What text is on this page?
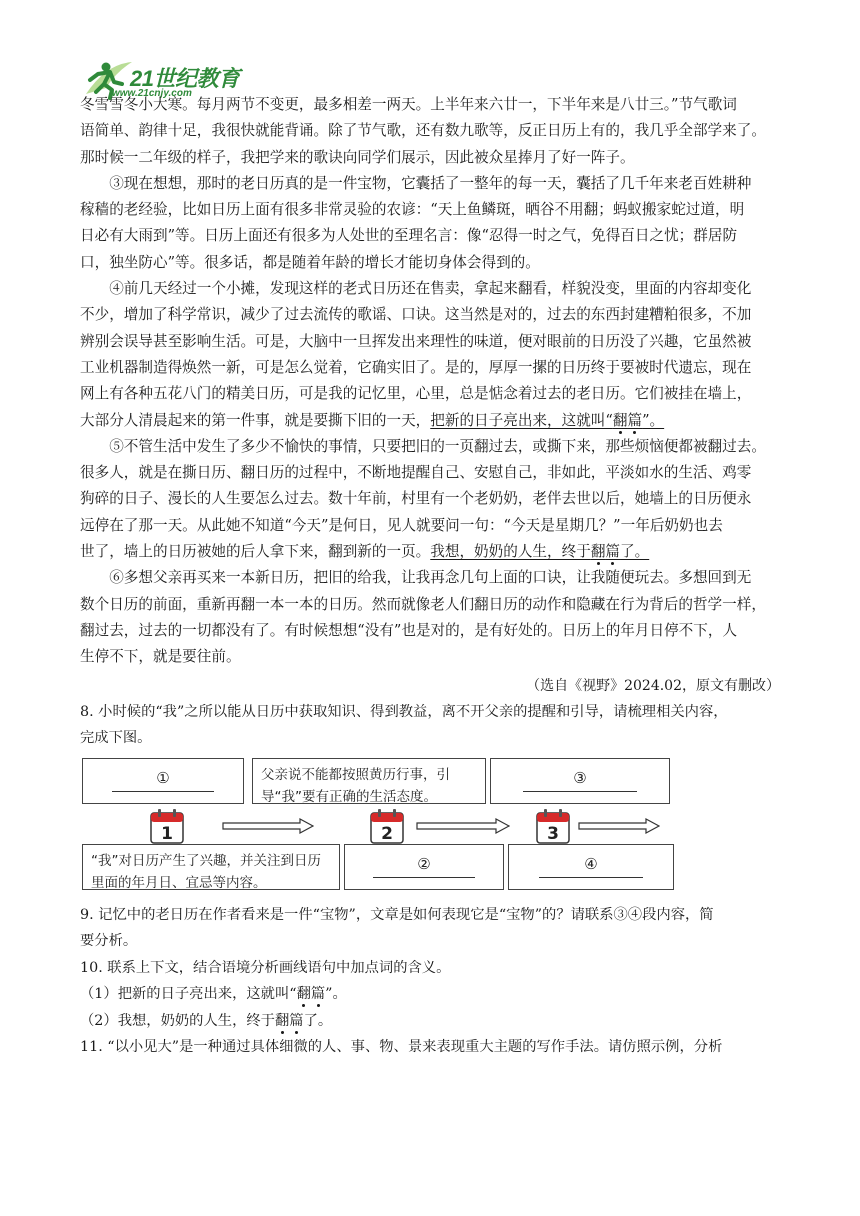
21世纪教育
www.21cnjy.com

冬雪雪冬小大寒。每月两节不变更，最多相差一两天。上半年来六廿一，下半年来是八廿三。”节气歌词

语简单、韵律十足，我很快就能背诵。除了节气歌，还有数九歌等，反正日历上有的，我几乎全部学来了。

那时候一二年级的样子，我把学来的歌诀向同学们展示，因此被众星捧月了好一阵子。

③现在想想，那时的老日历真的是一件宝物，它囊括了一整年的每一天，囊括了几千年来老百姓耕种

稼穑的老经验，比如日历上面有很多非常灵验的农谚：“天上鱼鳞斑，晒谷不用翻；蚂蚁搬家蛇过道，明

日必有大雨到”等。日历上面还有很多为人处世的至理名言：像“忍得一时之气，免得百日之忧；群居防

口，独坐防心”等。很多话，都是随着年龄的增长才能切身体会得到的。

④前几天经过一个小摊，发现这样的老式日历还在售卖，拿起来翻看，样貌没变，里面的内容却变化

不少，增加了科学常识，减少了过去流传的歌谣、口诀。这当然是对的，过去的东西封建糟粕很多，不加

辨别会误导甚至影响生活。可是，大脑中一旦挥发出来理性的味道，便对眼前的日历没了兴趣，它虽然被

工业机器制造得焕然一新，可是怎么觉着，它确实旧了。是的，厚厚一摞的日历终于要被时代遗忘，现在

网上有各种五花八门的精美日历，可是我的记忆里，心里，总是惦念着过去的老日历。它们被挂在墙上，

大部分人清晨起来的第一件事，就是要撕下旧的一天，把新的日子亮出来，这就叫“翻篇”。

⑤不管生活中发生了多少不愉快的事情，只要把旧的一页翻过去，或撕下来，那些烦恼便都被翻过去。

很多人，就是在撕日历、翻日历的过程中，不断地提醒自己、安慰自己，非如此，平淡如水的生活、鸡零

狗碎的日子、漫长的人生要怎么过去。数十年前，村里有一个老奶奶，老伴去世以后，她墙上的日历便永

远停在了那一天。从此她不知道“今天”是何日，见人就要问一句：“今天是星期几？”一年后奶奶也去

世了，墙上的日历被她的后人拿下来，翻到新的一页。我想，奶奶的人生，终于翻篇了。

⑥多想父亲再买来一本新日历，把旧的给我，让我再念几句上面的口诀，让我随便玩去。多想回到无

数个日历的前面，重新再翻一本一本的日历。然而就像老人们翻日历的动作和隐藏在行为背后的哲学一样，

翻过去，过去的一切都没有了。有时候想想“没有”也是对的，是有好处的。日历上的年月日停不下，人

生停不下，就是要往前。

（选自《视野》2024.02，原文有删改）

8. 小时候的“我”之所以能从日历中获取知识、得到教益，离不开父亲的提醒和引导，请梳理相关内容，

完成下图。

①	父亲说不能都按照黄历行事，引导“我”要有正确的生活态度。
③
1	2	3
“我”对日历产生了兴趣，并关注到日历里面的年月日、宜忌等内容。
②	④

9. 记忆中的老日历在作者看来是一件“宝物”，文章是如何表现它是“宝物”的？请联系③④段内容，简

要分析。

10. 联系上下文，结合语境分析画线语句中加点词的含义。

（1）把新的日子亮出来，这就叫“翻篇”。

（2）我想，奶奶的人生，终于翻篇了。

11. “以小见大”是一种通过具体细微的人、事、物、景来表现重大主题的写作手法。请仿照示例，分析
